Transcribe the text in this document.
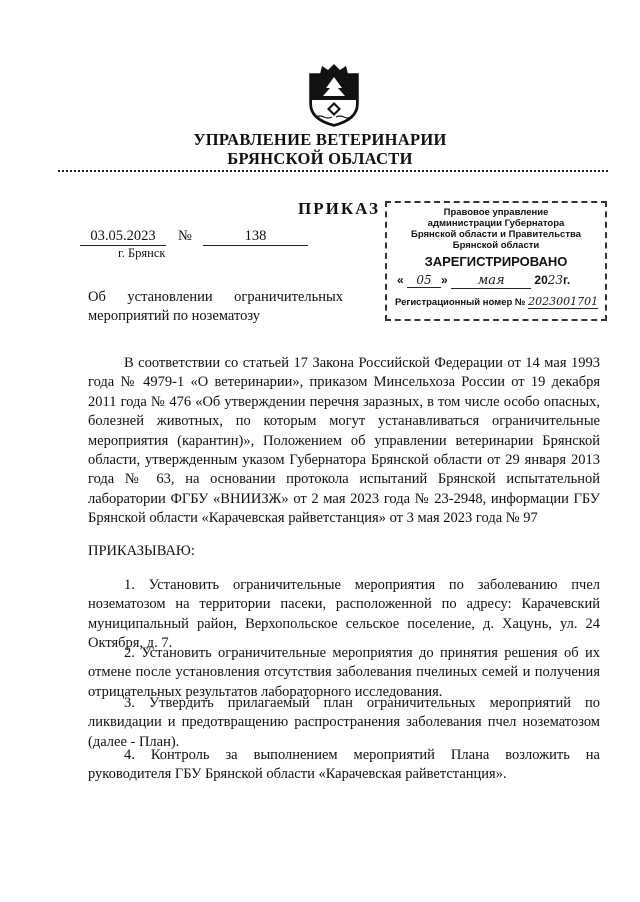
УПРАВЛЕНИЕ ВЕТЕРИНАРИИ
БРЯНСКОЙ ОБЛАСТИ
ПРИКАЗ
03.05.2023	№	138
г. Брянск
Об установлении ограничительных
мероприятий по нозематозу
Правовое управление
администрации Губернатора
Брянской области и Правительства
Брянской области
ЗАРЕГИСТРИРОВАНО
« 05 » мая 2023г.
Регистрационный номер № 2023001701
В соответствии со статьей 17 Закона Российской Федерации от 14 мая 1993 года № 4979-1 «О ветеринарии», приказом Минсельхоза России от 19 декабря 2011 года № 476 «Об утверждении перечня заразных, в том числе особо опасных, болезней животных, по которым могут устанавливаться ограничительные мероприятия (карантин)», Положением об управлении ветеринарии Брянской области, утвержденным указом Губернатора Брянской области от 29 января 2013 года № 63, на основании протокола испытаний Брянской испытательной лаборатории ФГБУ «ВНИИЗЖ» от 2 мая 2023 года № 23-2948, информации ГБУ Брянской области «Карачевская райветстанция» от 3 мая 2023 года № 97
ПРИКАЗЫВАЮ:
1. Установить ограничительные мероприятия по заболеванию пчел нозематозом на территории пасеки, расположенной по адресу: Карачевский муниципальный район, Верхопольское сельское поселение, д. Хацунь, ул. 24 Октября, д. 7.
2. Установить ограничительные мероприятия до принятия решения об их отмене после установления отсутствия заболевания пчелиных семей и получения отрицательных результатов лабораторного исследования.
3. Утвердить прилагаемый план ограничительных мероприятий по ликвидации и предотвращению распространения заболевания пчел нозематозом (далее - План).
4. Контроль за выполнением мероприятий Плана возложить на руководителя ГБУ Брянской области «Карачевская райветстанция».
